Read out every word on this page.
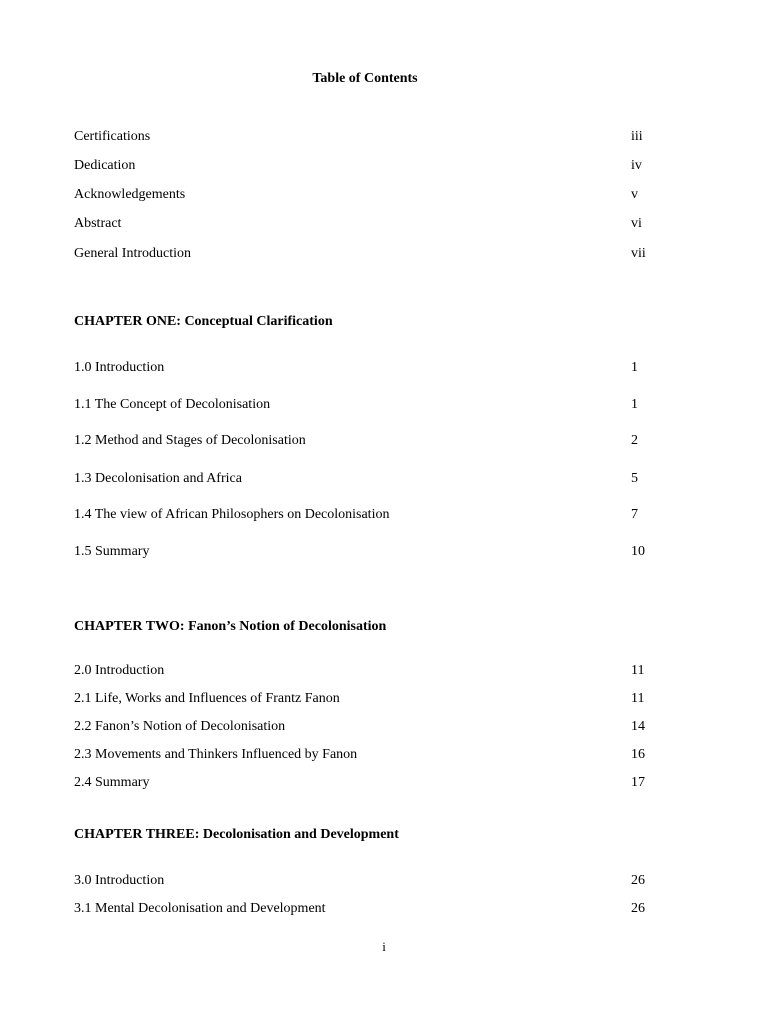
Table of Contents
Certifications	iii
Dedication	iv
Acknowledgements	v
Abstract	vi
General Introduction	vii
CHAPTER ONE: Conceptual Clarification
1.0 Introduction	1
1.1 The Concept of Decolonisation	1
1.2 Method and Stages of Decolonisation	2
1.3 Decolonisation and Africa	5
1.4 The view of African Philosophers on Decolonisation	7
1.5 Summary	10
CHAPTER TWO: Fanon’s Notion of Decolonisation
2.0 Introduction	11
2.1 Life, Works and Influences of Frantz Fanon	11
2.2 Fanon’s Notion of Decolonisation	14
2.3 Movements and Thinkers Influenced by Fanon	16
2.4 Summary	17
CHAPTER THREE: Decolonisation and Development
3.0 Introduction	26
3.1 Mental Decolonisation and Development	26
i
